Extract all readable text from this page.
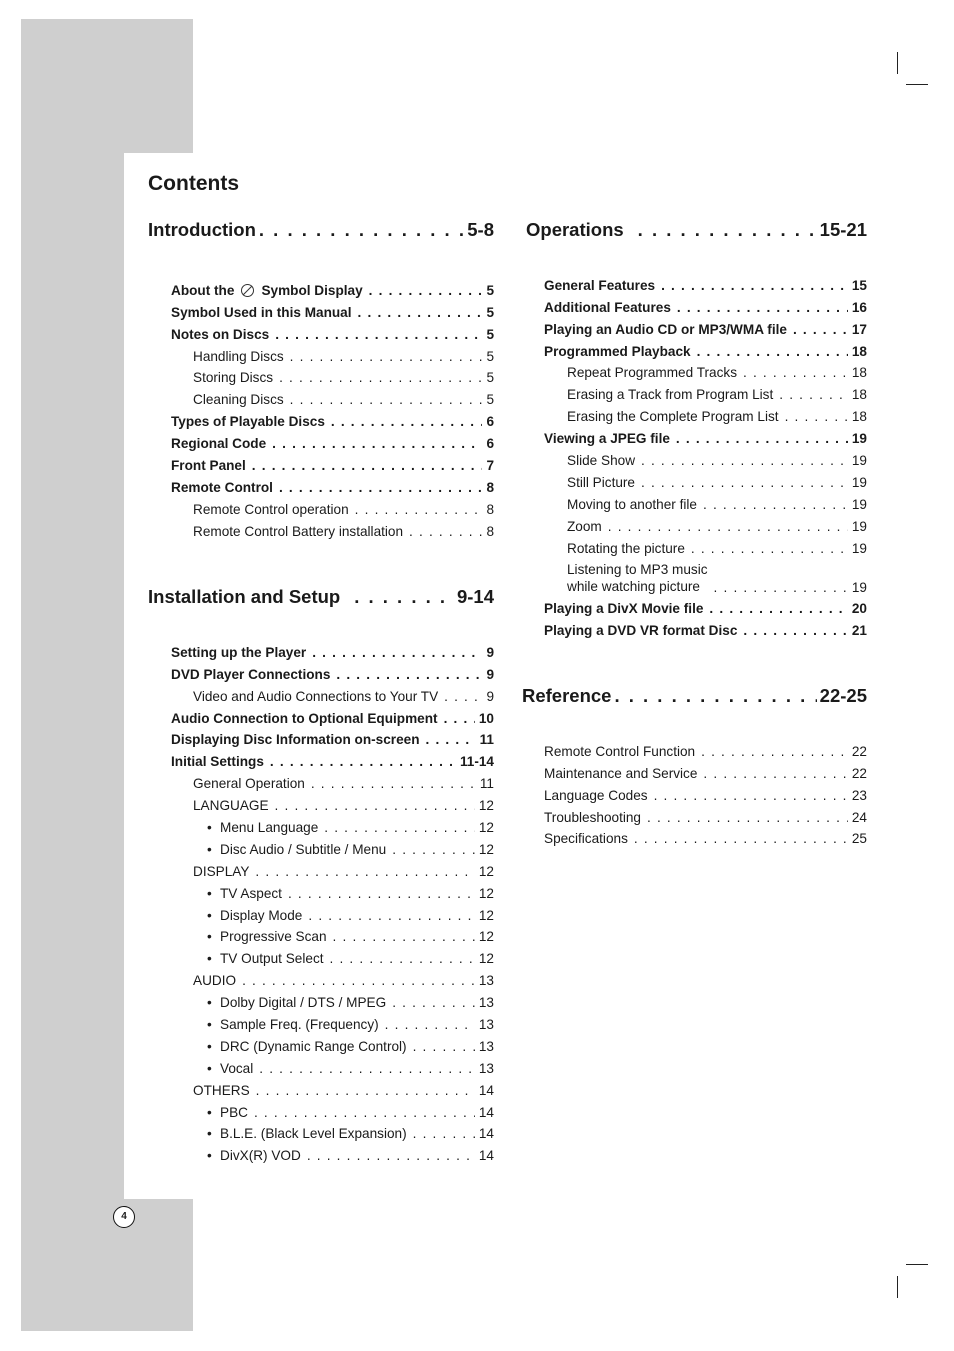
4
Contents
Introduction . . .	5-8
Installation and Setup . . .	9-14
Operations . . .	15-21
Reference . . .	22-25
About the Symbol Display . . .	5
Symbol Used in this Manual . . .	5
Notes on Discs . . .	5
Handling Discs . . .	5
Storing Discs . . .	5
Cleaning Discs . . .	5
Types of Playable Discs . . .	6
Regional Code . . .	6
Front Panel . . .	7
Remote Control . . .	8
Remote Control operation . . .	8
Remote Control Battery installation . . .	8
Setting up the Player . . .	9
DVD Player Connections . . .	9
Video and Audio Connections to Your TV . . .	9
Audio Connection to Optional Equipment . . .	10
Displaying Disc Information on-screen . . .	11
Initial Settings . . .	11-14
General Operation . . .	11
LANGUAGE . . .	12
• Menu Language . . .	12
• Disc Audio / Subtitle / Menu . . .	12
DISPLAY . . .	12
• TV Aspect . . .	12
• Display Mode . . .	12
• Progressive Scan . . .	12
• TV Output Select . . .	12
AUDIO . . .	13
• Dolby Digital / DTS / MPEG . . .	13
• Sample Freq. (Frequency) . . .	13
• DRC (Dynamic Range Control) . . .	13
• Vocal . . .	13
OTHERS . . .	14
• PBC . . .	14
• B.L.E. (Black Level Expansion) . . .	14
• DivX(R) VOD . . .	14
General Features . . .	15
Additional Features . . .	16
Playing an Audio CD or MP3/WMA file . . .	17
Programmed Playback . . .	18
Repeat Programmed Tracks . . .	18
Erasing a Track from Program List . . .	18
Erasing the Complete Program List . . .	18
Viewing a JPEG file . . .	19
Slide Show . . .	19
Still Picture . . .	19
Moving to another file . . .	19
Zoom . . .	19
Rotating the picture . . .	19
Listening to MP3 music
while watching picture . . .	19
Playing a DivX Movie file . . .	20
Playing a DVD VR format Disc . . .	21
Remote Control Function . . .	22
Maintenance and Service . . .	22
Language Codes . . .	23
Troubleshooting . . .	24
Specifications . . .	25
